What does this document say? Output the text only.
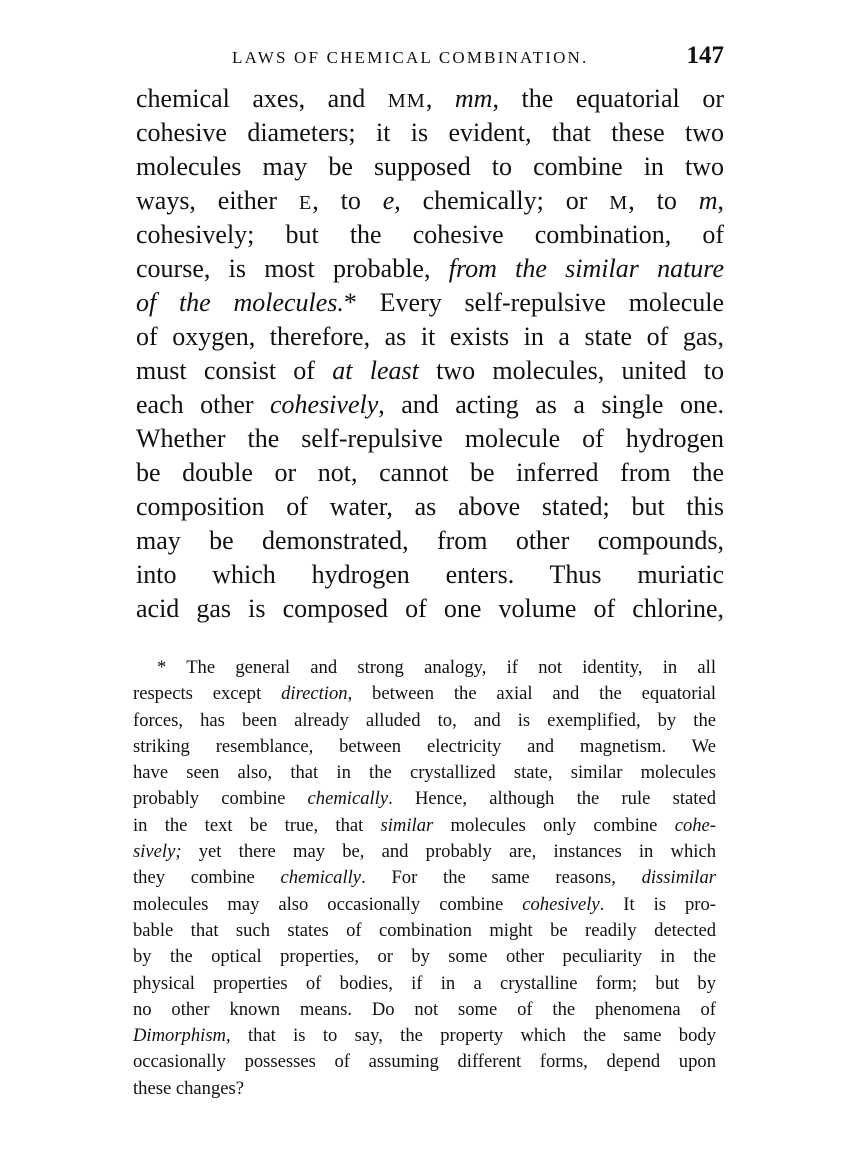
LAWS OF CHEMICAL COMBINATION.	147
chemical axes, and MM, mm, the equatorial or
cohesive diameters; it is evident, that these two
molecules may be supposed to combine in two
ways, either E, to e, chemically; or M, to m,
cohesively; but the cohesive combination, of
course, is most probable, from the similar nature
of the molecules.* Every self-repulsive molecule
of oxygen, therefore, as it exists in a state of gas,
must consist of at least two molecules, united to
each other cohesively, and acting as a single one.
Whether the self-repulsive molecule of hydrogen
be double or not, cannot be inferred from the
composition of water, as above stated; but this
may be demonstrated, from other compounds,
into which hydrogen enters. Thus muriatic
acid gas is composed of one volume of chlorine,
* The general and strong analogy, if not identity, in all
respects except direction, between the axial and the equatorial
forces, has been already alluded to, and is exemplified, by the
striking resemblance, between electricity and magnetism. We
have seen also, that in the crystallized state, similar molecules
probably combine chemically. Hence, although the rule stated
in the text be true, that similar molecules only combine cohe-
sively; yet there may be, and probably are, instances in which
they combine chemically. For the same reasons, dissimilar
molecules may also occasionally combine cohesively. It is pro-
bable that such states of combination might be readily detected
by the optical properties, or by some other peculiarity in the
physical properties of bodies, if in a crystalline form; but by
no other known means. Do not some of the phenomena of
Dimorphism, that is to say, the property which the same body
occasionally possesses of assuming different forms, depend upon
these changes?
